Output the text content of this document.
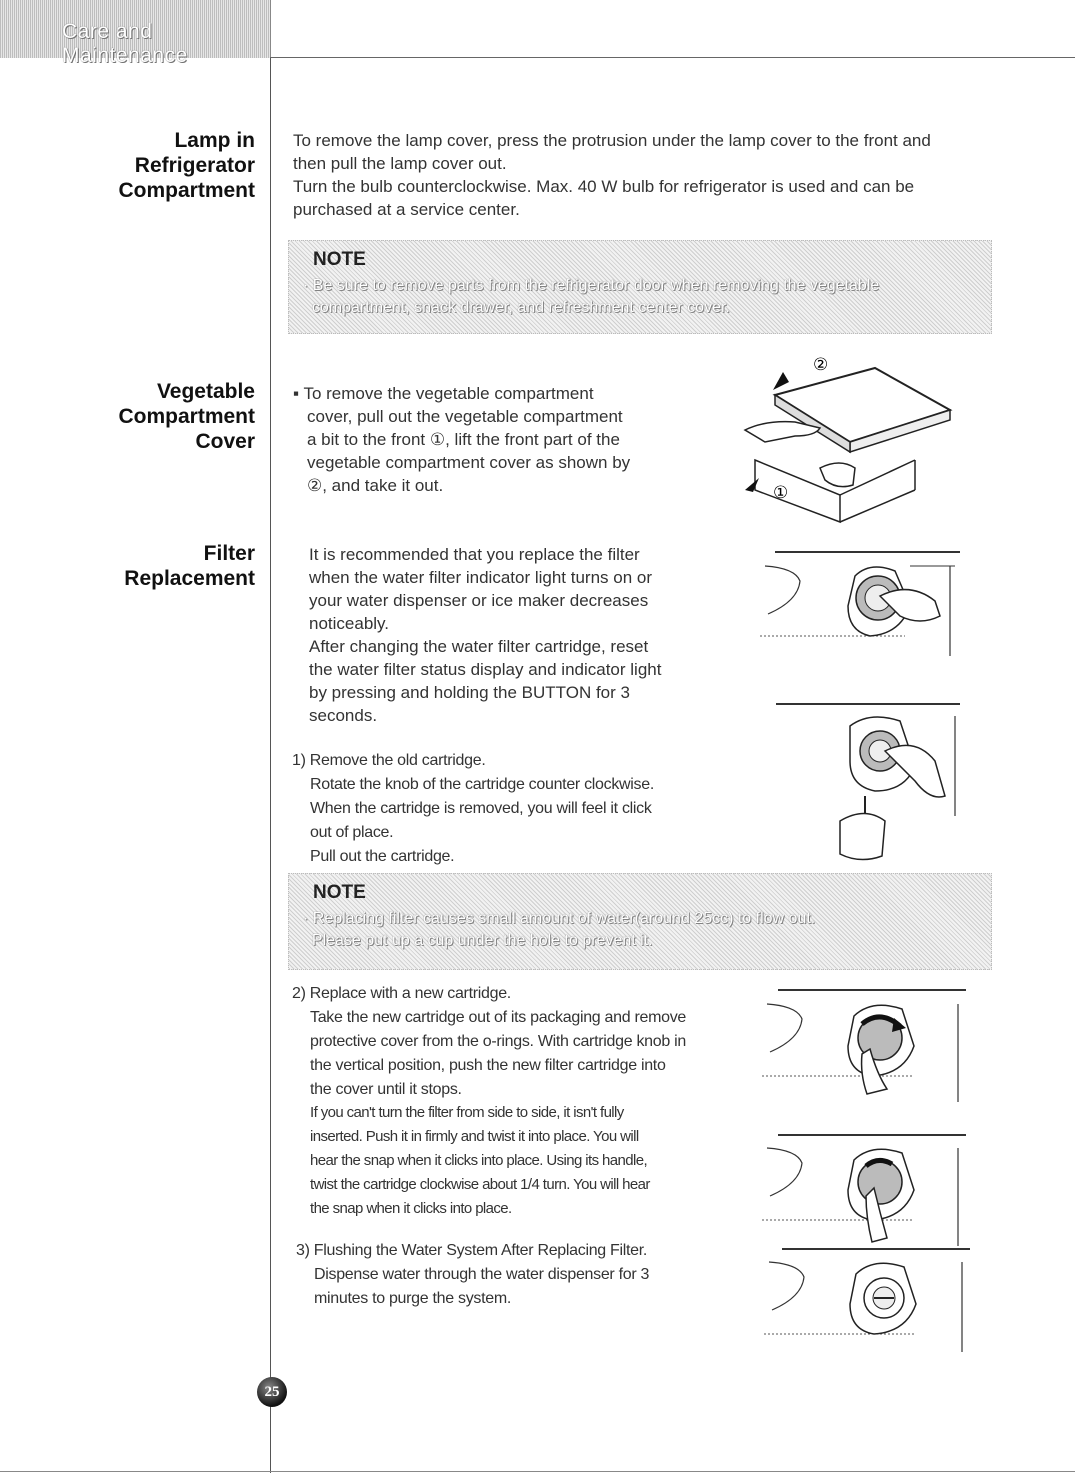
Care and Maintenance
Lamp in
Refrigerator
Compartment

To remove the lamp cover, press the protrusion under the lamp cover to the front and

then pull the lamp cover out.

Turn the bulb counterclockwise. Max. 40 W bulb for refrigerator is used and can be

purchased at a service center.

NOTE
· Be sure to remove parts from the refrigerator door when removing the vegetable
compartment, snack drawer, and refreshment center cover.
Vegetable
Compartment
Cover

▪ To remove the vegetable compartment

cover, pull out the vegetable compartment

a bit to the front ①, lift the front part of the

vegetable compartment cover as shown by

②, and take it out.	①
②
Filter
Replacement

It is recommended that you replace the filter

when the water filter indicator light turns on or

your water dispenser or ice maker decreases

noticeably.

After changing the water filter cartridge, reset

the water filter status display and indicator light

by pressing and holding the BUTTON for 3

seconds.

1) Remove the old cartridge.

Rotate the knob of the cartridge counter clockwise.

When the cartridge is removed, you will feel it click

out of place.

Pull out the cartridge.

NOTE
· Replacing filter causes small amount of water(around 25cc) to flow out.
Please put up a cup under the hole to prevent it.

2) Replace with a new cartridge.

Take the new cartridge out of its packaging and remove

protective cover from the o-rings. With cartridge knob in

the vertical position, push the new filter cartridge into

the cover until it stops.

If you can't turn the filter from side to side, it isn't fully

inserted. Push it in firmly and twist it into place. You will

hear the snap when it clicks into place. Using its handle,

twist the cartridge clockwise about 1/4 turn. You will hear

the snap when it clicks into place.

3) Flushing the Water System After Replacing Filter.

Dispense water through the water dispenser for 3

minutes to purge the system.

25
